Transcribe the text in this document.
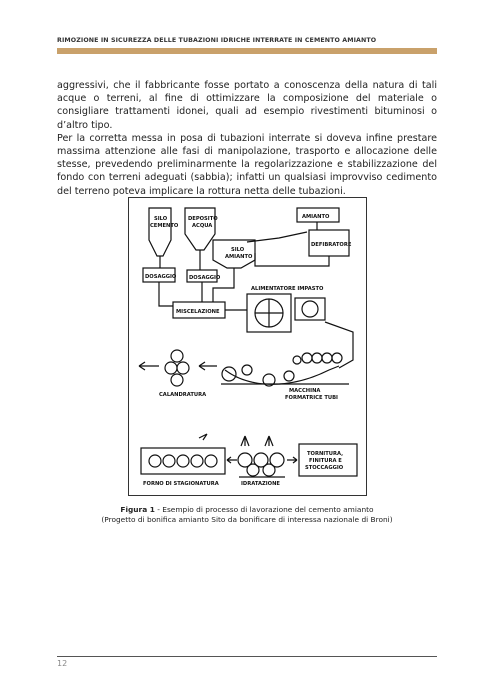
RIMOZIONE IN SICUREZZA DELLE TUBAZIONI IDRICHE INTERRATE IN CEMENTO AMIANTO

aggressivi, che il fabbricante fosse portato a conoscenza della natura di tali acque o terreni, al fine di ottimizzare la composizione del materiale o consigliare trattamenti idonei, quali ad esempio rivestimenti bituminosi o d’altro tipo.

Per la corretta messa in posa di tubazioni interrate si doveva infine prestare massima attenzione alle fasi di manipolazione, trasporto e allocazione delle stesse, prevedendo preliminarmente la regolarizzazione e stabilizzazione del fondo con terreni adeguati (sabbia); infatti un qualsiasi improvviso cedimento del terreno poteva implicare la rottura netta delle tubazioni.

SILO
CEMENTO
DEPOSITO
ACQUA
AMIANTO
DEFIBRATORE
SILO
AMIANTO
DOSAGGIO DOSAGGIO
ALIMENTATORE IMPASTO
MISCELAZIONE
CALANDRATURA
MACCHINA
FORMATRICE TUBI
FORNO DI STAGIONATURA	IDRATAZIONE
TORNITURA,
FINITURA E
STOCCAGGIO
Figura 1 - Esempio di processo di lavorazione del cemento amianto
(Progetto di bonifica amianto Sito da bonificare di interessa nazionale di Broni)
12
